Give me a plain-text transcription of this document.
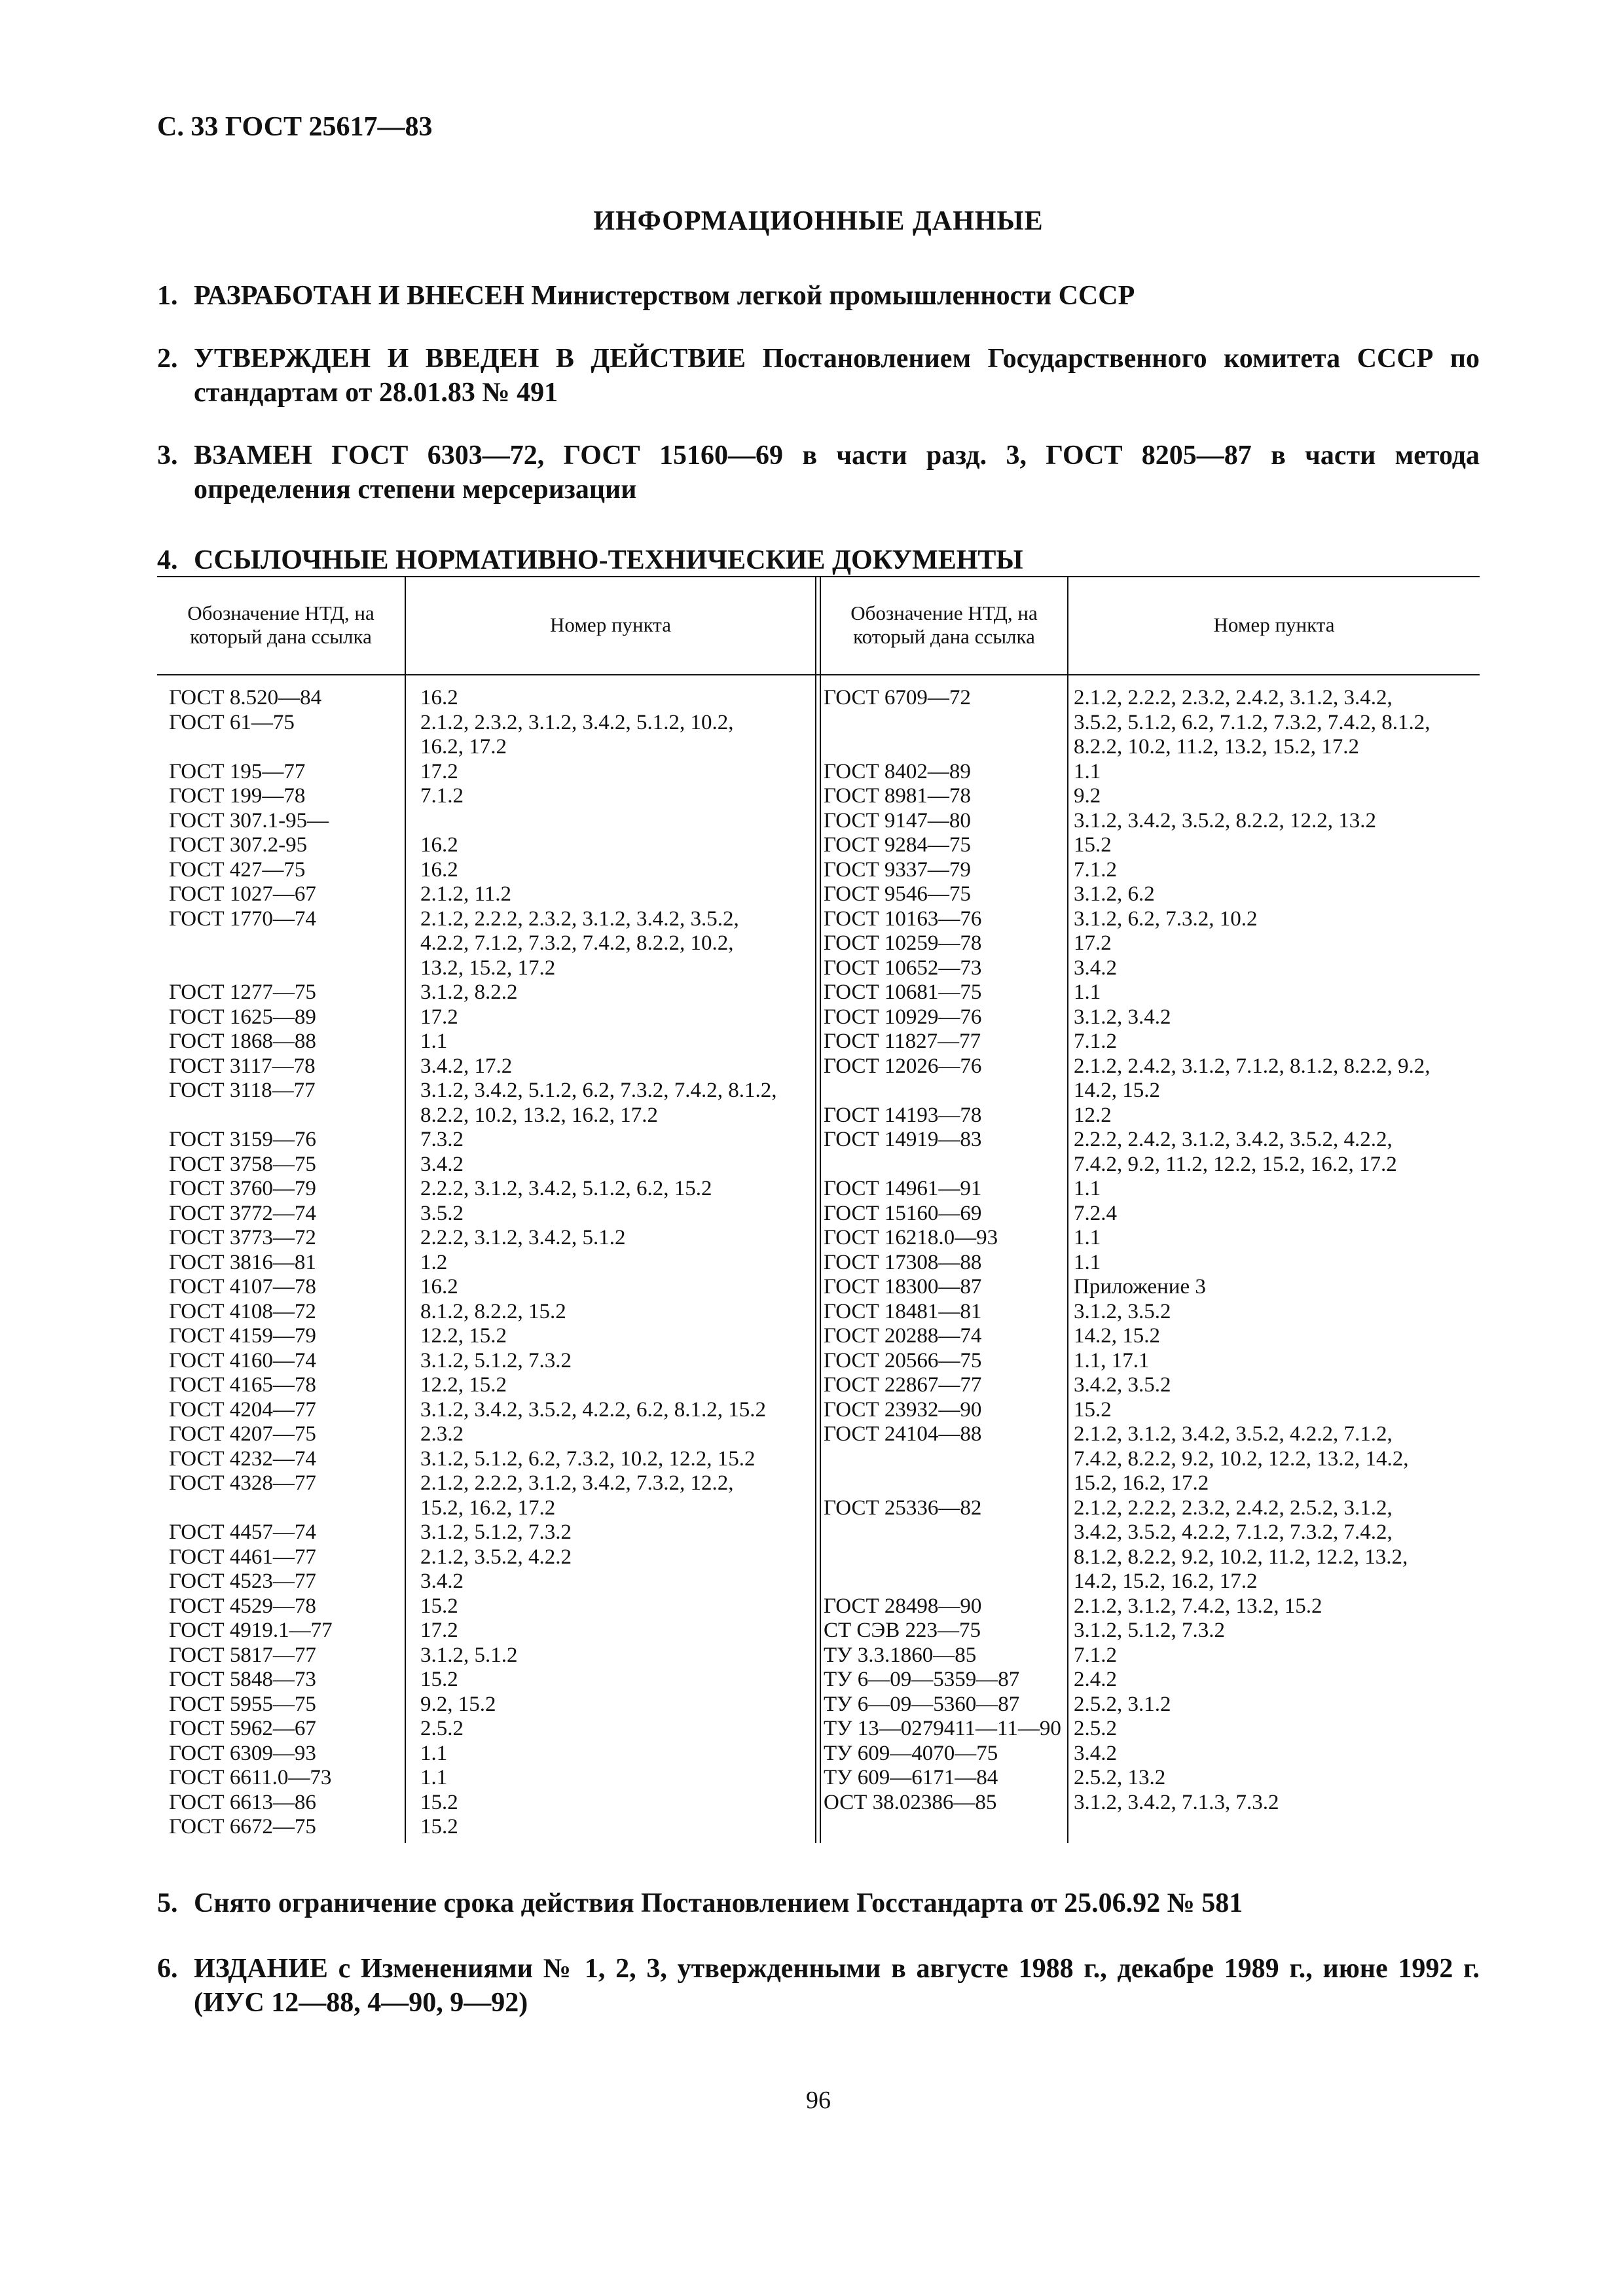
С. 33 ГОСТ 25617—83
ИНФОРМАЦИОННЫЕ ДАННЫЕ
1. РАЗРАБОТАН И ВНЕСЕН Министерством легкой промышленности СССР
2. УТВЕРЖДЕН И ВВЕДЕН В ДЕЙСТВИЕ Постановлением Государственного комитета СССР по стандартам от 28.01.83 № 491
3. ВЗАМЕН ГОСТ 6303—72, ГОСТ 15160—69 в части разд. 3, ГОСТ 8205—87 в части метода определения степени мерсеризации
4. ССЫЛОЧНЫЕ НОРМАТИВНО-ТЕХНИЧЕСКИЕ ДОКУМЕНТЫ
Обозначение НТД, на который дана ссылка
Номер пункта
Обозначение НТД, на который дана ссылка
Номер пункта
ГОСТ 8.520—84
ГОСТ 61—75
ГОСТ 195—77
ГОСТ 199—78
ГОСТ 307.1-95—
ГОСТ 307.2-95
ГОСТ 427—75
ГОСТ 1027—67
ГОСТ 1770—74
ГОСТ 1277—75
ГОСТ 1625—89
ГОСТ 1868—88
ГОСТ 3117—78
ГОСТ 3118—77
ГОСТ 3159—76
ГОСТ 3758—75
ГОСТ 3760—79
ГОСТ 3772—74
ГОСТ 3773—72
ГОСТ 3816—81
ГОСТ 4107—78
ГОСТ 4108—72
ГОСТ 4159—79
ГОСТ 4160—74
ГОСТ 4165—78
ГОСТ 4204—77
ГОСТ 4207—75
ГОСТ 4232—74
ГОСТ 4328—77
ГОСТ 4457—74
ГОСТ 4461—77
ГОСТ 4523—77
ГОСТ 4529—78
ГОСТ 4919.1—77
ГОСТ 5817—77
ГОСТ 5848—73
ГОСТ 5955—75
ГОСТ 5962—67
ГОСТ 6309—93
ГОСТ 6611.0—73
ГОСТ 6613—86
ГОСТ 6672—75
16.2
2.1.2, 2.3.2, 3.1.2, 3.4.2, 5.1.2, 10.2,
16.2, 17.2
17.2
7.1.2
16.2
16.2
2.1.2, 11.2
2.1.2, 2.2.2, 2.3.2, 3.1.2, 3.4.2, 3.5.2,
4.2.2, 7.1.2, 7.3.2, 7.4.2, 8.2.2, 10.2,
13.2, 15.2, 17.2
3.1.2, 8.2.2
17.2
1.1
3.4.2, 17.2
3.1.2, 3.4.2, 5.1.2, 6.2, 7.3.2, 7.4.2, 8.1.2,
8.2.2, 10.2, 13.2, 16.2, 17.2
7.3.2
3.4.2
2.2.2, 3.1.2, 3.4.2, 5.1.2, 6.2, 15.2
3.5.2
2.2.2, 3.1.2, 3.4.2, 5.1.2
1.2
16.2
8.1.2, 8.2.2, 15.2
12.2, 15.2
3.1.2, 5.1.2, 7.3.2
12.2, 15.2
3.1.2, 3.4.2, 3.5.2, 4.2.2, 6.2, 8.1.2, 15.2
2.3.2
3.1.2, 5.1.2, 6.2, 7.3.2, 10.2, 12.2, 15.2
2.1.2, 2.2.2, 3.1.2, 3.4.2, 7.3.2, 12.2,
15.2, 16.2, 17.2
3.1.2, 5.1.2, 7.3.2
2.1.2, 3.5.2, 4.2.2
3.4.2
15.2
17.2
3.1.2, 5.1.2
15.2
9.2, 15.2
2.5.2
1.1
1.1
15.2
15.2
ГОСТ 6709—72
ГОСТ 8402—89
ГОСТ 8981—78
ГОСТ 9147—80
ГОСТ 9284—75
ГОСТ 9337—79
ГОСТ 9546—75
ГОСТ 10163—76
ГОСТ 10259—78
ГОСТ 10652—73
ГОСТ 10681—75
ГОСТ 10929—76
ГОСТ 11827—77
ГОСТ 12026—76
ГОСТ 14193—78
ГОСТ 14919—83
ГОСТ 14961—91
ГОСТ 15160—69
ГОСТ 16218.0—93
ГОСТ 17308—88
ГОСТ 18300—87
ГОСТ 18481—81
ГОСТ 20288—74
ГОСТ 20566—75
ГОСТ 22867—77
ГОСТ 23932—90
ГОСТ 24104—88
ГОСТ 25336—82
ГОСТ 28498—90
СТ СЭВ 223—75
ТУ 3.3.1860—85
ТУ 6—09—5359—87
ТУ 6—09—5360—87
ТУ 13—0279411—11—90
ТУ 609—4070—75
ТУ 609—6171—84
ОСТ 38.02386—85
2.1.2, 2.2.2, 2.3.2, 2.4.2, 3.1.2, 3.4.2,
3.5.2, 5.1.2, 6.2, 7.1.2, 7.3.2, 7.4.2, 8.1.2,
8.2.2, 10.2, 11.2, 13.2, 15.2, 17.2
1.1
9.2
3.1.2, 3.4.2, 3.5.2, 8.2.2, 12.2, 13.2
15.2
7.1.2
3.1.2, 6.2
3.1.2, 6.2, 7.3.2, 10.2
17.2
3.4.2
1.1
3.1.2, 3.4.2
7.1.2
2.1.2, 2.4.2, 3.1.2, 7.1.2, 8.1.2, 8.2.2, 9.2,
14.2, 15.2
12.2
2.2.2, 2.4.2, 3.1.2, 3.4.2, 3.5.2, 4.2.2,
7.4.2, 9.2, 11.2, 12.2, 15.2, 16.2, 17.2
1.1
7.2.4
1.1
1.1
Приложение 3
3.1.2, 3.5.2
14.2, 15.2
1.1, 17.1
3.4.2, 3.5.2
15.2
2.1.2, 3.1.2, 3.4.2, 3.5.2, 4.2.2, 7.1.2,
7.4.2, 8.2.2, 9.2, 10.2, 12.2, 13.2, 14.2,
15.2, 16.2, 17.2
2.1.2, 2.2.2, 2.3.2, 2.4.2, 2.5.2, 3.1.2,
3.4.2, 3.5.2, 4.2.2, 7.1.2, 7.3.2, 7.4.2,
8.1.2, 8.2.2, 9.2, 10.2, 11.2, 12.2, 13.2,
14.2, 15.2, 16.2, 17.2
2.1.2, 3.1.2, 7.4.2, 13.2, 15.2
3.1.2, 5.1.2, 7.3.2
7.1.2
2.4.2
2.5.2, 3.1.2
2.5.2
3.4.2
2.5.2, 13.2
3.1.2, 3.4.2, 7.1.3, 7.3.2
5. Снято ограничение срока действия Постановлением Госстандарта от 25.06.92 № 581
6. ИЗДАНИЕ с Изменениями № 1, 2, 3, утвержденными в августе 1988 г., декабре 1989 г., июне 1992 г. (ИУС 12—88, 4—90, 9—92)
96
